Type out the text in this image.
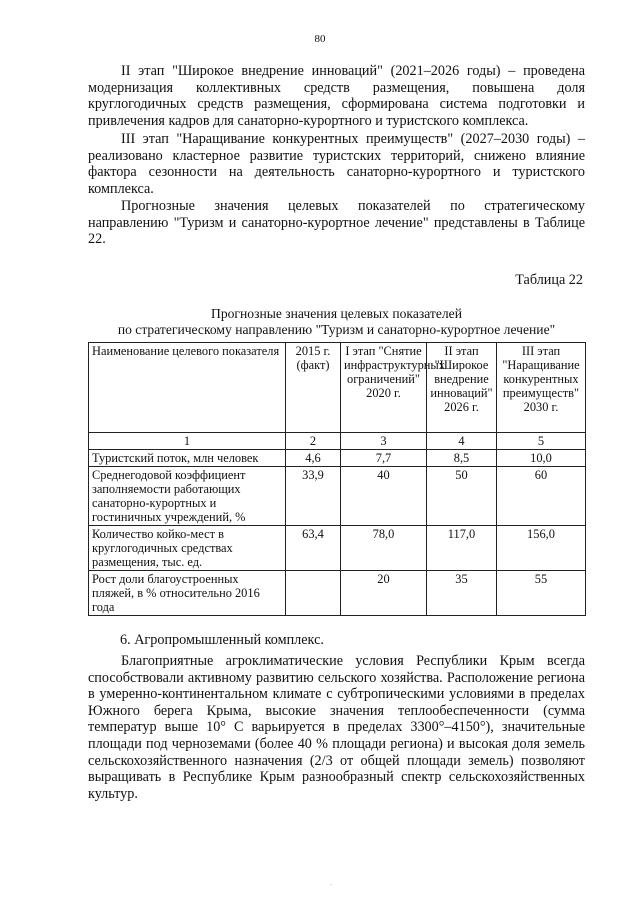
80

II этап "Широкое внедрение инноваций" (2021–2026 годы) – проведена модернизация коллективных средств размещения, повышена доля круглогодичных средств размещения, сформирована система подготовки и привлечения кадров для санаторно-курортного и туристского комплекса.

III этап "Наращивание конкурентных преимуществ" (2027–2030 годы) – реализовано кластерное развитие туристских территорий, снижено влияние фактора сезонности на деятельность санаторно-курортного и туристского комплекса.

Прогнозные значения целевых показателей по стратегическому направлению "Туризм и санаторно-курортное лечение" представлены в Таблице 22.

Таблица 22
Прогнозные значения целевых показателей
по стратегическому направлению "Туризм и санаторно-курортное лечение"
Наименование целевого показателя	2015 г. (факт)	I этап "Снятие инфраструктурных ограничений" 2020 г.	II этап "Широкое внедрение инноваций" 2026 г.	III этап "Наращивание конкурентных преимуществ" 2030 г.
1	2	3	4	5
Туристский поток, млн человек	4,6	7,7	8,5	10,0
Среднегодовой коэффициент заполняемости работающих санаторно-курортных и гостиничных учреждений, %	33,9	40	50	60
Количество койко-мест в круглогодичных средствах размещения, тыс. ед.	63,4	78,0	117,0	156,0
Рост доли благоустроенных пляжей, в % относительно 2016 года		20	35	55
6. Агропромышленный комплекс.

Благоприятные агроклиматические условия Республики Крым всегда способствовали активному развитию сельского хозяйства. Расположение региона в умеренно-континентальном климате с субтропическими условиями в пределах Южного берега Крыма, высокие значения теплообеспеченности (сумма температур выше 10° С варьируется в пределах 3300°–4150°), значительные площади под черноземами (более 40 % площади региона) и высокая доля земель сельскохозяйственного назначения (2/3 от общей площади земель) позволяют выращивать в Республике Крым разнообразный спектр сельскохозяйственных культур.

.
